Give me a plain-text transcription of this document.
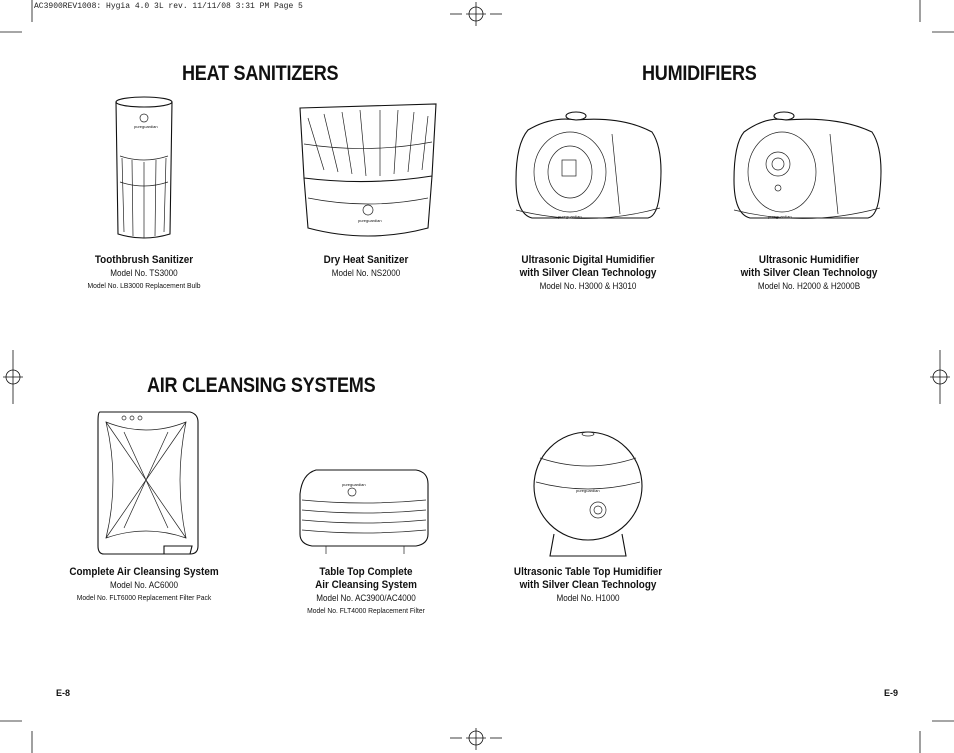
AC3900REV1008: Hygia 4.0 3L rev. 11/11/08 3:31 PM Page 5
HEAT SANITIZERS	HUMIDIFIERS
AIR CLEANSING SYSTEMS
pureguardian
pureguardian
pureguardian	pureguardian
pureguardian
pureguardian
Toothbrush Sanitizer
Model No. TS3000
Model No. LB3000 Replacement Bulb
Dry Heat Sanitizer
Model No. NS2000
Ultrasonic Digital Humidifier
with Silver Clean Technology
Model No. H3000 & H3010
Ultrasonic Humidifier
with Silver Clean Technology
Model No. H2000 & H2000B
Complete Air Cleansing System
Model No. AC6000
Model No. FLT6000 Replacement Filter Pack
Table Top Complete
Air Cleansing System
Model No. AC3900/AC4000
Model No. FLT4000 Replacement Filter
Ultrasonic Table Top Humidifier
with Silver Clean Technology
Model No. H1000
E-8	E-9
